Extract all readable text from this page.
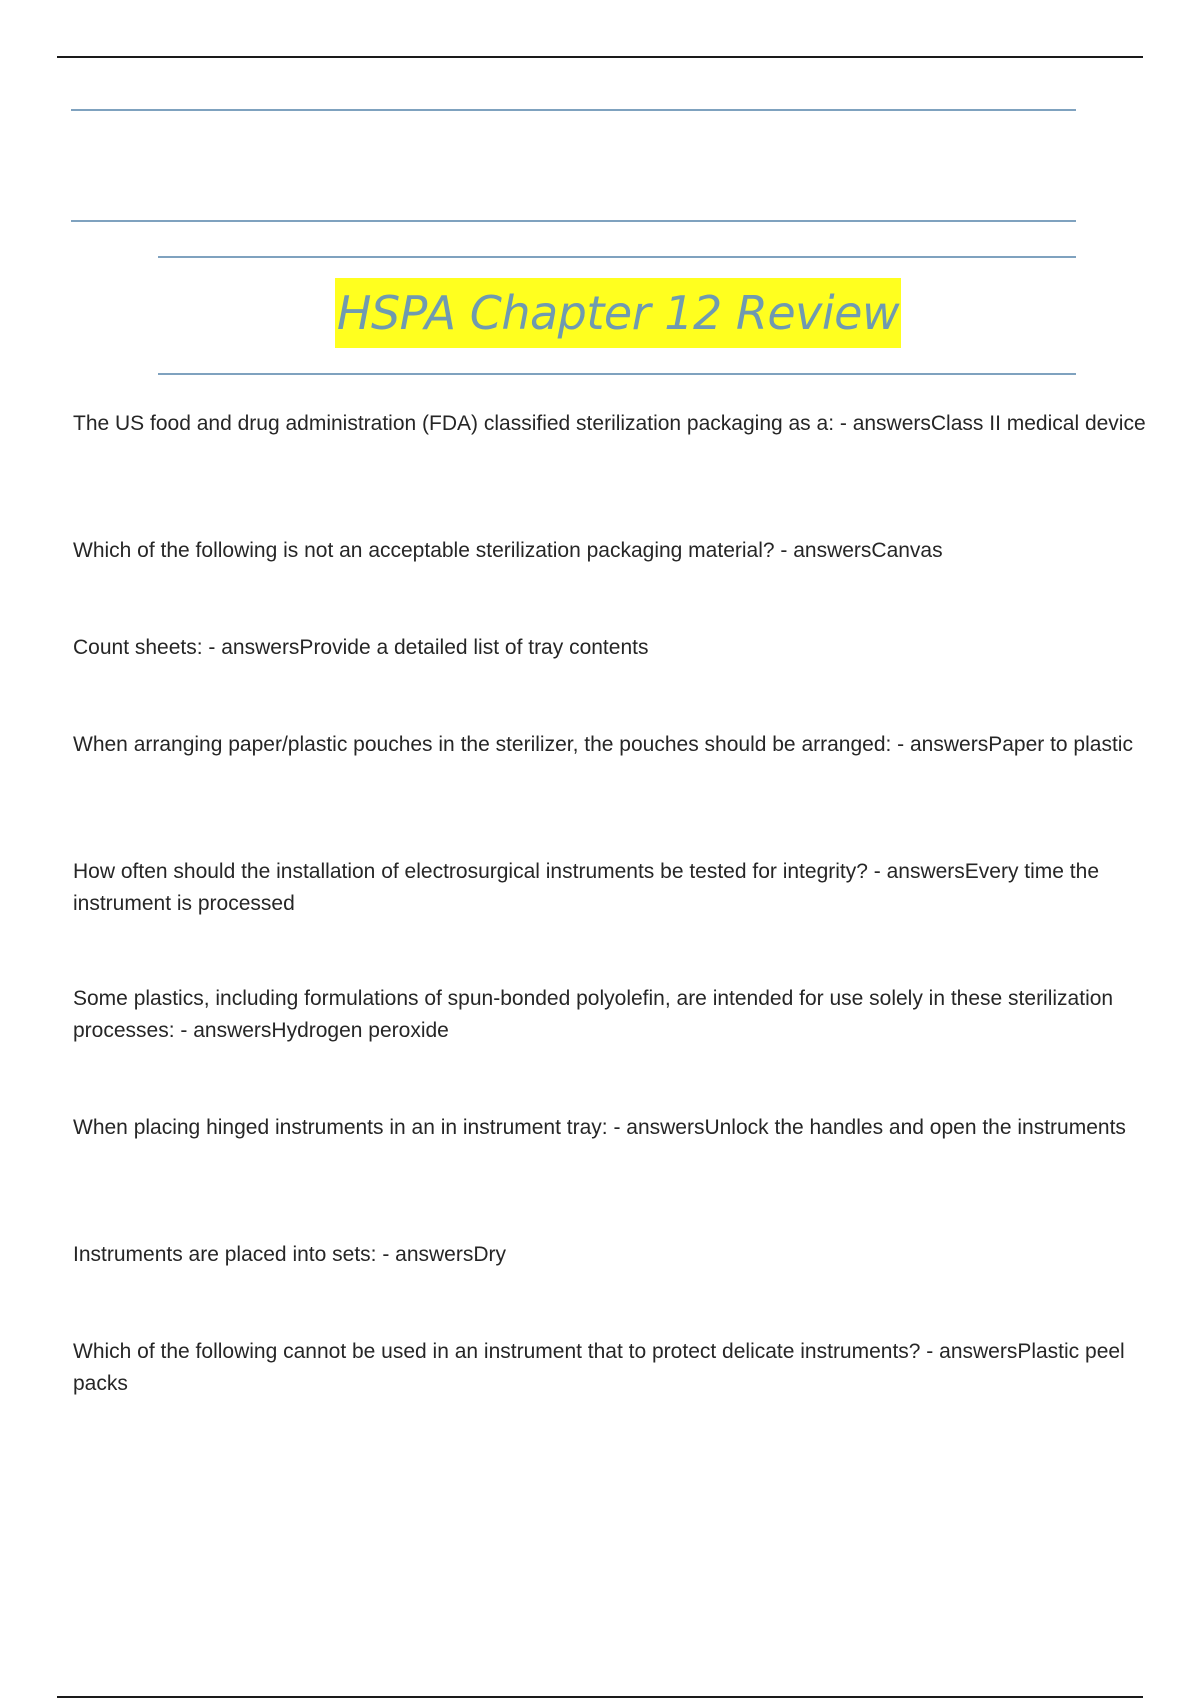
HSPA Chapter 12 Review

The US food and drug administration (FDA) classified sterilization packaging as a: - answersClass II medical device

Which of the following is not an acceptable sterilization packaging material? - answersCanvas

Count sheets: - answersProvide a detailed list of tray contents

When arranging paper/plastic pouches in the sterilizer, the pouches should be arranged: - answersPaper to plastic

How often should the installation of electrosurgical instruments be tested for integrity? - answersEvery time the instrument is processed

Some plastics, including formulations of spun-bonded polyolefin, are intended for use solely in these sterilization processes: - answersHydrogen peroxide

When placing hinged instruments in an in instrument tray: - answersUnlock the handles and open the instruments

Instruments are placed into sets: - answersDry

Which of the following cannot be used in an instrument that to protect delicate instruments? - answersPlastic peel packs
